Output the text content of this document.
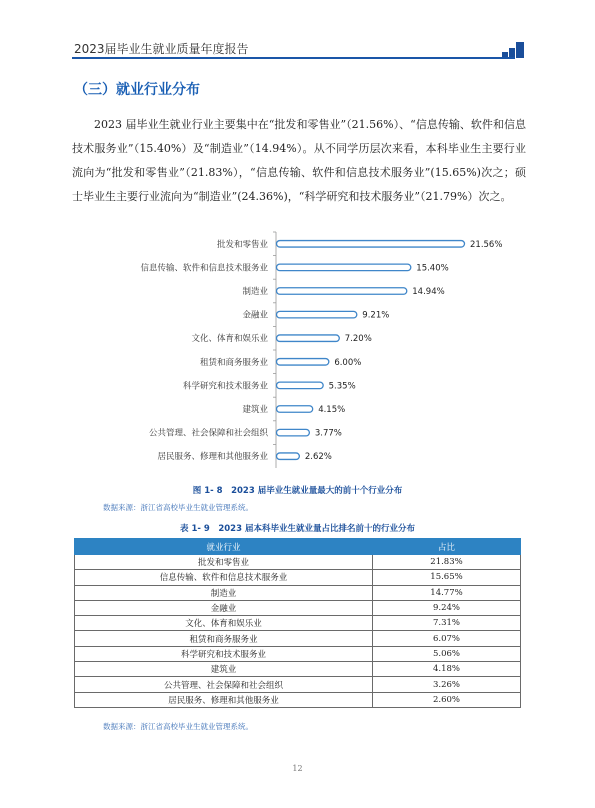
2023届毕业生就业质量年度报告
（三）就业行业分布

2023 届毕业生就业行业主要集中在“批发和零售业”（21.56%）、“信息传输、软件和信息技术服务业”（15.40%）及“制造业”（14.94%）。从不同学历层次来看，本科毕业生主要行业流向为“批发和零售业”（21.83%），“信息传输、软件和信息技术服务业”(15.65%)次之；硕士毕业生主要行业流向为“制造业”(24.36%)，“科学研究和技术服务业”（21.79%）次之。

批发和零售业	21.56%
信息传输、软件和信息技术服务业	15.40%
制造业	14.94%
金融业	9.21%
文化、体育和娱乐业	7.20%
租赁和商务服务业	6.00%
科学研究和技术服务业	5.35%
建筑业	4.15%
公共管理、社会保障和社会组织	3.77%
居民服务、修理和其他服务业	2.62%
图 1- 8　2023 届毕业生就业量最大的前十个行业分布
数据来源：浙江省高校毕业生就业管理系统。
表 1- 9　2023 届本科毕业生就业量占比排名前十的行业分布
就业行业	占比
批发和零售业	21.83%
信息传输、软件和信息技术服务业	15.65%
制造业	14.77%
金融业	9.24%
文化、体育和娱乐业	7.31%
租赁和商务服务业	6.07%
科学研究和技术服务业	5.06%
建筑业	4.18%
公共管理、社会保障和社会组织	3.26%
居民服务、修理和其他服务业	2.60%
数据来源：浙江省高校毕业生就业管理系统。
12
